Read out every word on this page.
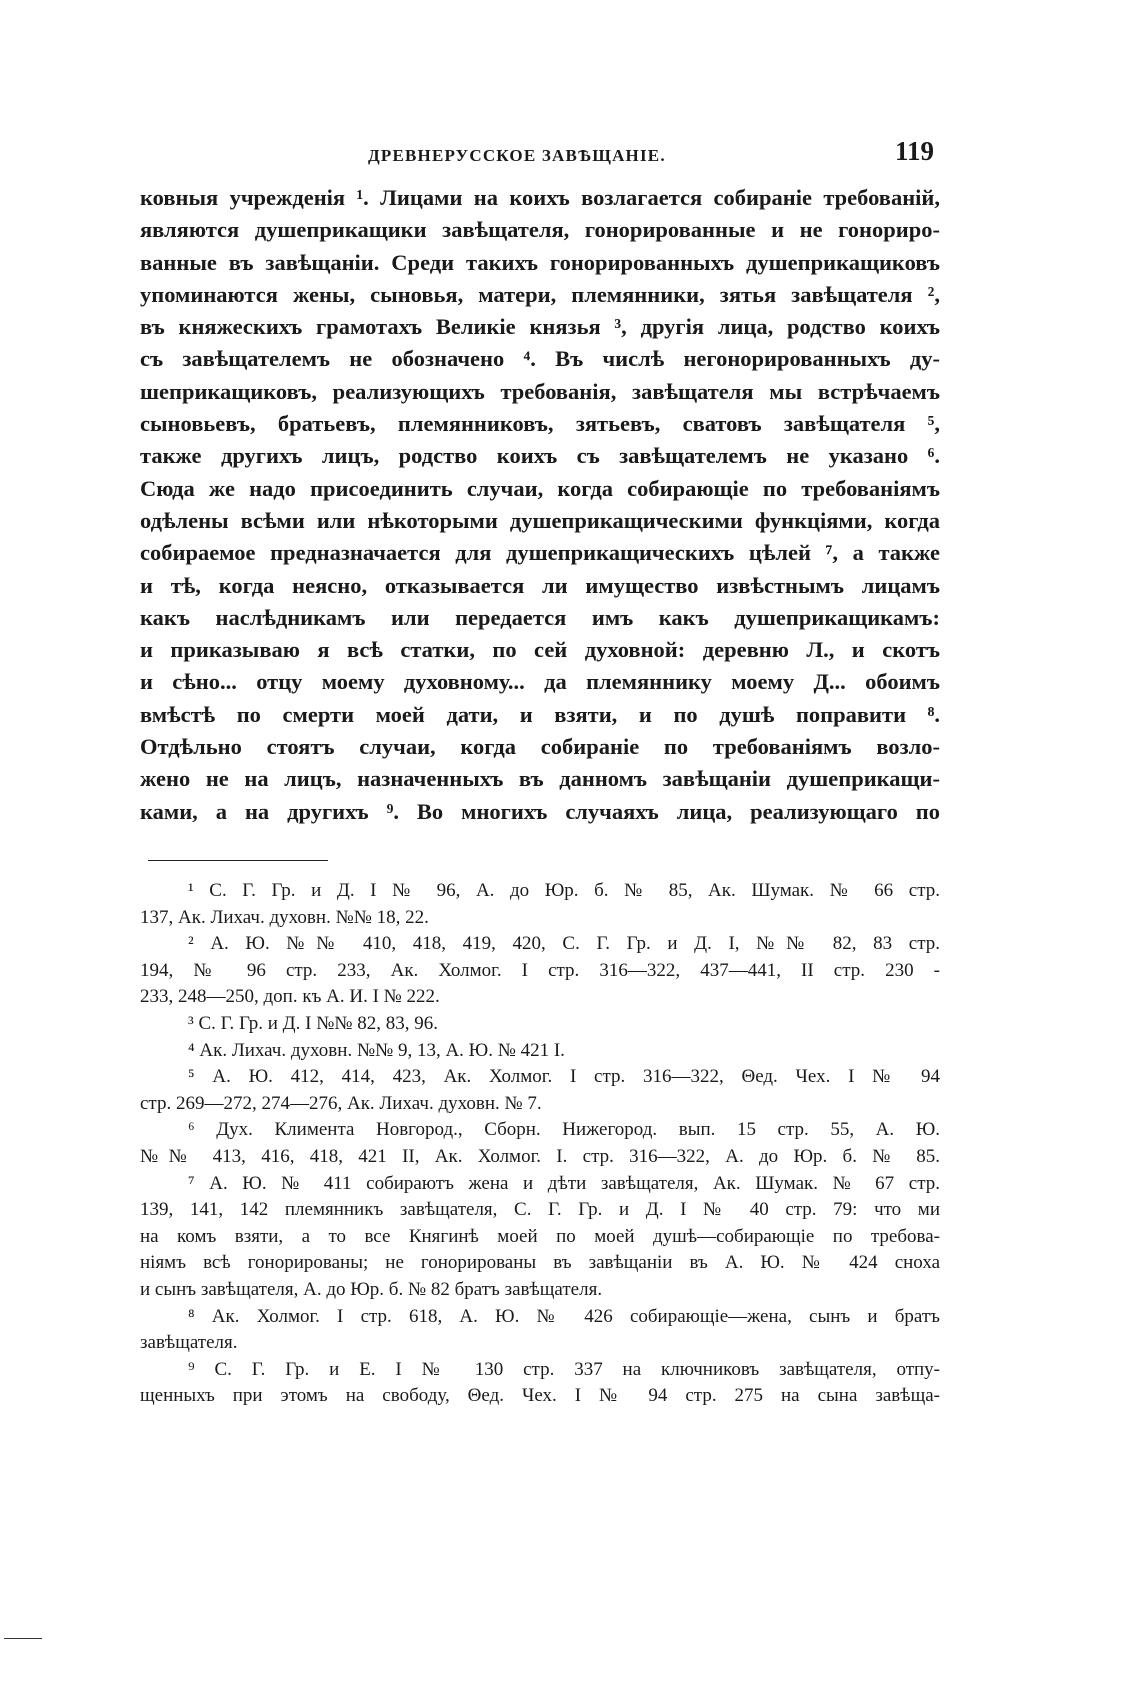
ДРЕВНЕРУССКОЕ ЗАВѢЩАНІЕ.	119
ковныя учрежденія ¹. Лицами на коихъ возлагается собираніе требованій,
являются душеприкащики завѣщателя, гонорированные и не гонориро-
ванные въ завѣщаніи. Среди такихъ гонорированныхъ душеприкащиковъ
упоминаются жены, сыновья, матери, племянники, зятья завѣщателя ²,
въ княжескихъ грамотахъ Великіе князья ³, другія лица, родство коихъ
съ завѣщателемъ не обозначено ⁴. Въ числѣ негонорированныхъ ду-
шеприкащиковъ, реализующихъ требованія, завѣщателя мы встрѣчаемъ
сыновьевъ, братьевъ, племянниковъ, зятьевъ, сватовъ завѣщателя ⁵,
также другихъ лицъ, родство коихъ съ завѣщателемъ не указано ⁶.
Сюда же надо присоединить случаи, когда собирающіе по требованіямъ
одѣлены всѣми или нѣкоторыми душеприкащическими функціями, когда
собираемое предназначается для душеприкащическихъ цѣлей ⁷, а также
и тѣ, когда неясно, отказывается ли имущество извѣстнымъ лицамъ
какъ наслѣдникамъ или передается имъ какъ душеприкащикамъ:
и приказываю я всѣ статки, по сей духовной: деревню Л., и скотъ
и сѣно... отцу моему духовному... да племяннику моему Д... обоимъ
вмѣстѣ по смерти моей дати, и взяти, и по душѣ поправити ⁸.
Отдѣльно стоятъ случаи, когда собираніе по требованіямъ возло-
жено не на лицъ, назначенныхъ въ данномъ завѣщаніи душеприкащи-
ками, а на другихъ ⁹. Во многихъ случаяхъ лица, реализующаго по
¹ С. Г. Гр. и Д. I № 96, А. до Юр. б. № 85, Ак. Шумак. № 66 стр.
137, Ак. Лихач. духовн. №№ 18, 22.
² А. Ю. №№ 410, 418, 419, 420, С. Г. Гр. и Д. I, №№ 82, 83 стр.
194, № 96 стр. 233, Ак. Холмог. I стр. 316—322, 437—441, II стр. 230 -
233, 248—250, доп. къ А. И. I № 222.
³ С. Г. Гр. и Д. I №№ 82, 83, 96.
⁴ Ак. Лихач. духовн. №№ 9, 13, А. Ю. № 421 I.
⁵ А. Ю. 412, 414, 423, Ак. Холмог. I стр. 316—322, Θед. Чех. I № 94
стр. 269—272, 274—276, Ак. Лихач. духовн. № 7.
⁶ Дух. Климента Новгород., Сборн. Нижегород. вып. 15 стр. 55, А. Ю.
№№ 413, 416, 418, 421 II, Ак. Холмог. I. стр. 316—322, А. до Юр. б. № 85.
⁷ А. Ю. № 411 собираютъ жена и дѣти завѣщателя, Ак. Шумак. № 67 стр.
139, 141, 142 племянникъ завѣщателя, С. Г. Гр. и Д. I № 40 стр. 79: что ми
на комъ взяти, а то все Княгинѣ моей по моей душѣ—собирающіе по требова-
ніямъ всѣ гонорированы; не гонорированы въ завѣщаніи въ А. Ю. № 424 сноха
и сынъ завѣщателя, А. до Юр. б. № 82 братъ завѣщателя.
⁸ Ак. Холмог. I стр. 618, А. Ю. № 426 собирающіе—жена, сынъ и братъ
завѣщателя.
⁹ С. Г. Гр. и Е. I № 130 стр. 337 на ключниковъ завѣщателя, отпу-
щенныхъ при этомъ на свободу, Θед. Чех. I № 94 стр. 275 на сына завѣща-
